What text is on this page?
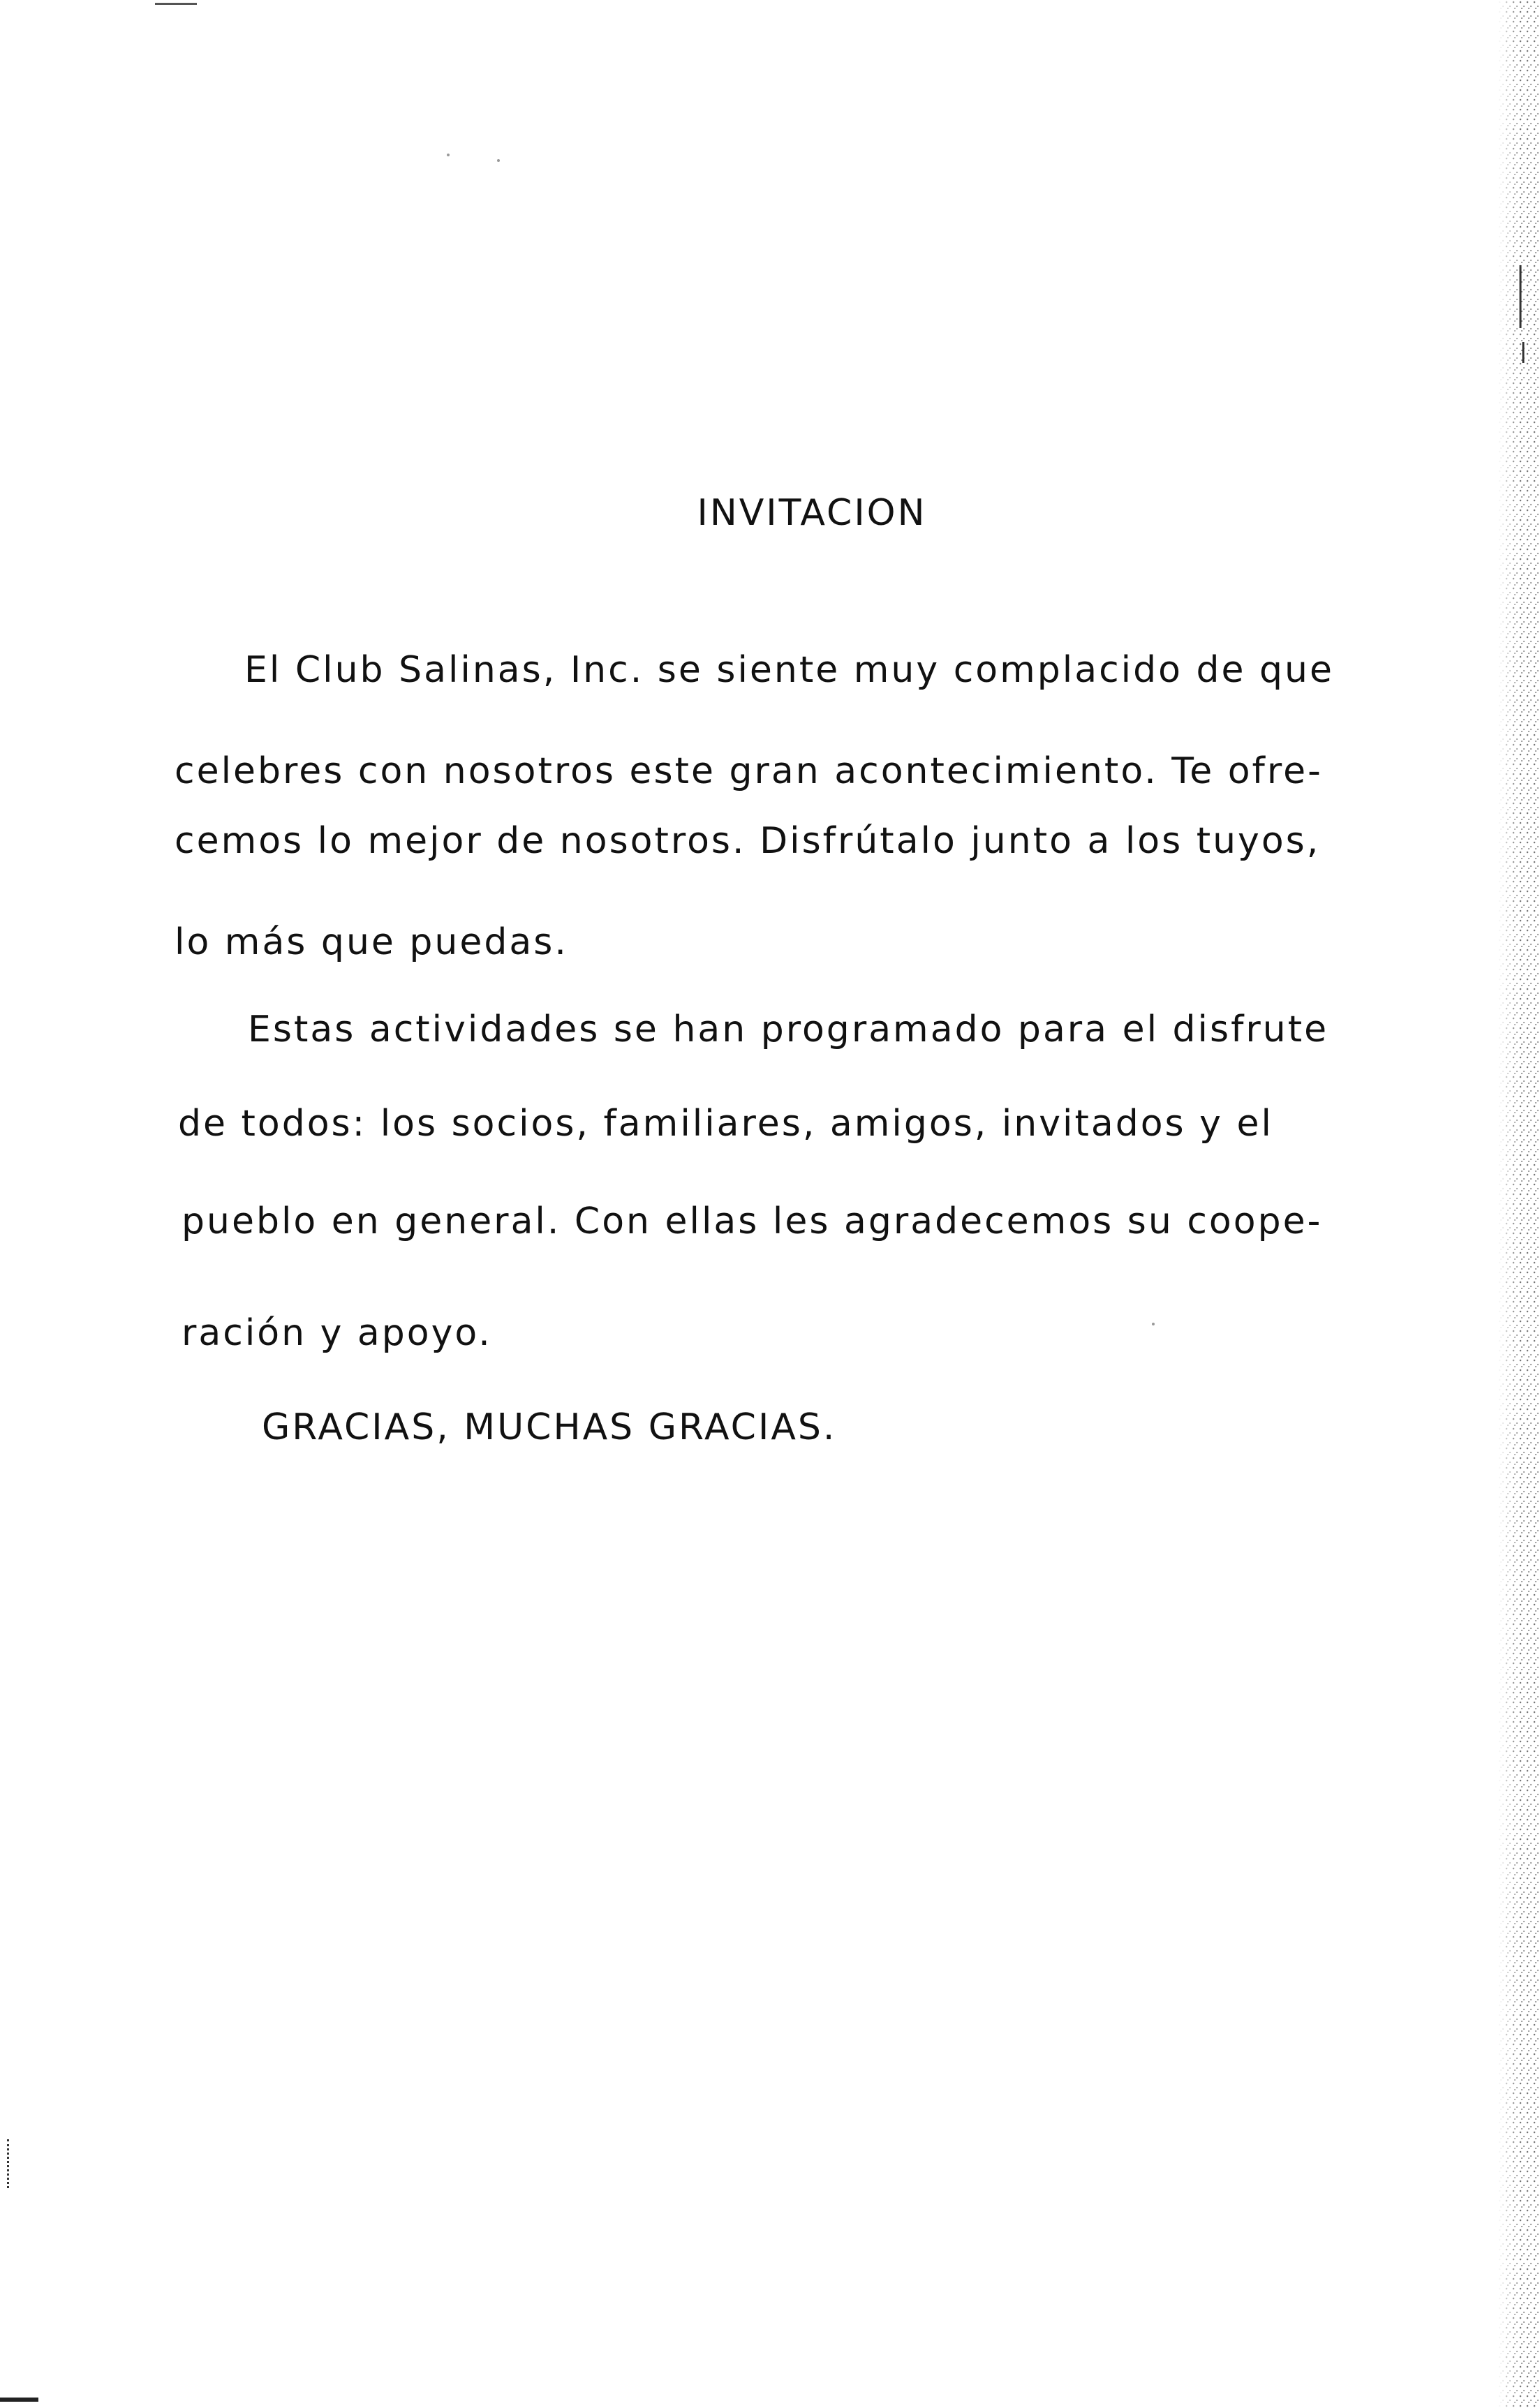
INVITACION
El Club Salinas, Inc. se siente muy complacido de que
celebres con nosotros este gran acontecimiento. Te ofre-
cemos lo mejor de nosotros. Disfrútalo junto a los tuyos,
lo más que puedas.
Estas actividades se han programado para el disfrute
de todos: los socios, familiares, amigos, invitados y el
pueblo en general. Con ellas les agradecemos su coope-
ración y apoyo.
GRACIAS, MUCHAS GRACIAS.
